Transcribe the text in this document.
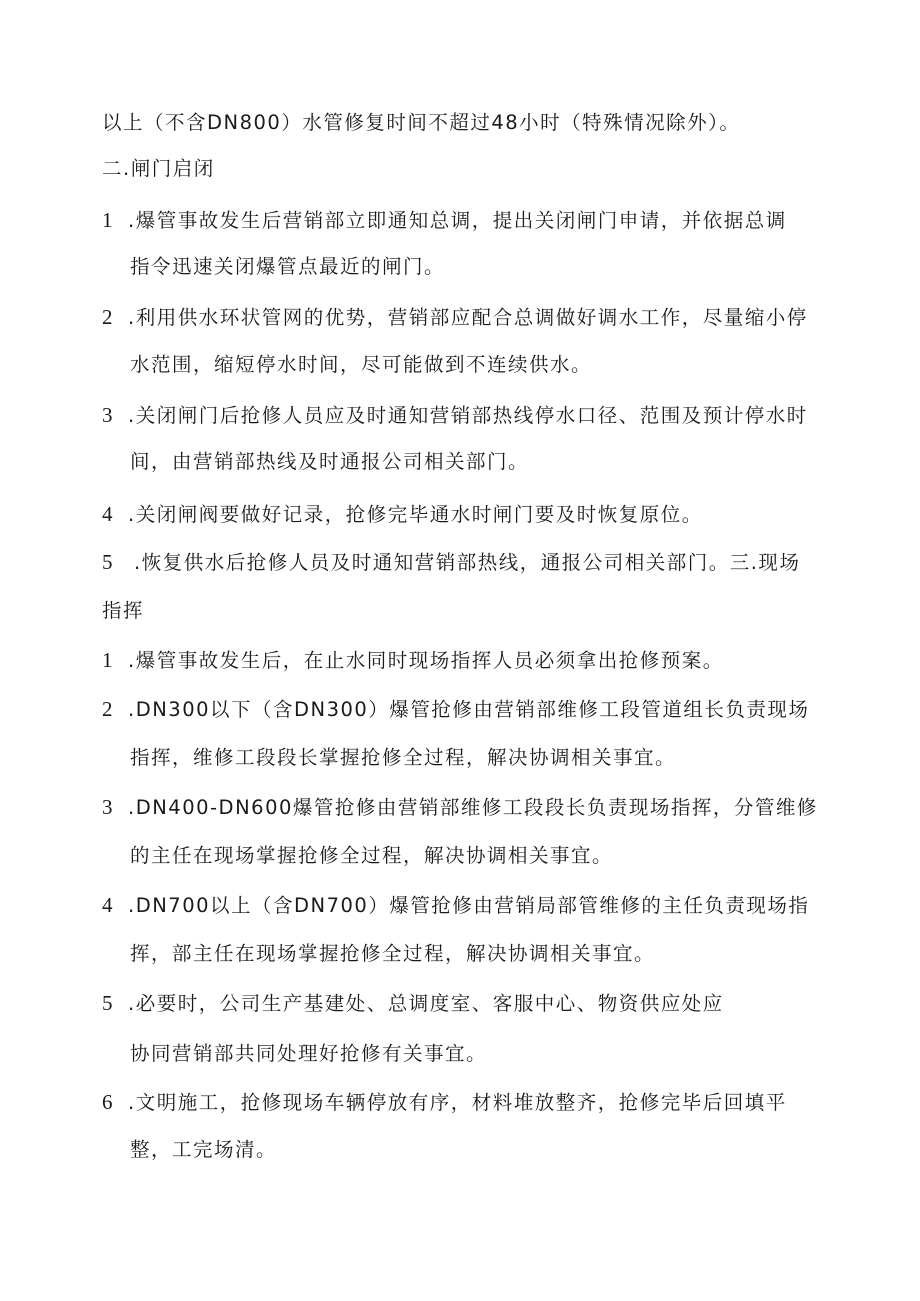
以上（不含DN800）水管修复时间不超过48小时（特殊情况除外）。
二.闸门启闭
1 .爆管事故发生后营销部立即通知总调，提出关闭闸门申请，并依据总调
指令迅速关闭爆管点最近的闸门。
2 .利用供水环状管网的优势，营销部应配合总调做好调水工作，尽量缩小停
水范围，缩短停水时间，尽可能做到不连续供水。
3 .关闭闸门后抢修人员应及时通知营销部热线停水口径、范围及预计停水时
间，由营销部热线及时通报公司相关部门。
4 .关闭闸阀要做好记录，抢修完毕通水时闸门要及时恢复原位。
5 .恢复供水后抢修人员及时通知营销部热线，通报公司相关部门。三.现场
指挥
1 .爆管事故发生后，在止水同时现场指挥人员必须拿出抢修预案。
2 .DN300以下（含DN300）爆管抢修由营销部维修工段管道组长负责现场
指挥，维修工段段长掌握抢修全过程，解决协调相关事宜。
3 .DN400-DN600爆管抢修由营销部维修工段段长负责现场指挥，分管维修
的主任在现场掌握抢修全过程，解决协调相关事宜。
4 .DN700以上（含DN700）爆管抢修由营销局部管维修的主任负责现场指
挥，部主任在现场掌握抢修全过程，解决协调相关事宜。
5 .必要时，公司生产基建处、总调度室、客服中心、物资供应处应
协同营销部共同处理好抢修有关事宜。
6 .文明施工，抢修现场车辆停放有序，材料堆放整齐，抢修完毕后回填平
整，工完场清。
